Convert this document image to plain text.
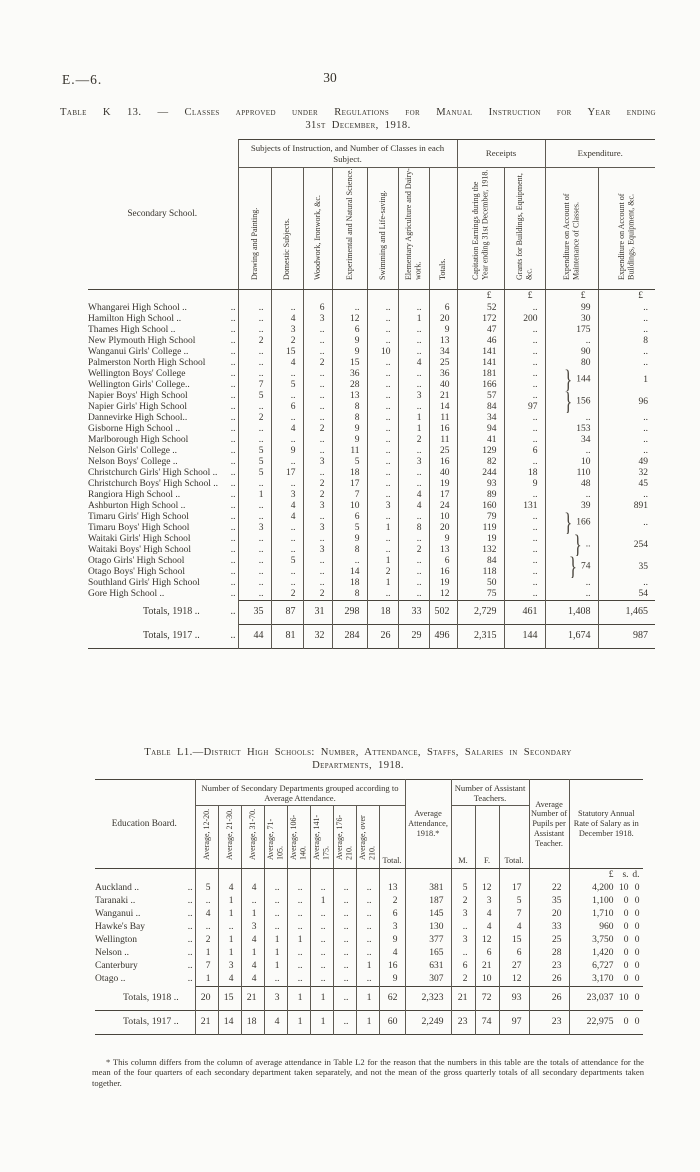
E.—6.	30
Table K 13. — Classes approved under Regulations for Manual Instruction for Year ending
31st December, 1918.
Secondary School.	Subjects of Instruction, and Number of Classes in each Subject.							Receipts		Expenditure.	
	Drawing and Painting.	Domestic Subjects.	Woodwork, Ironwork, &c.	Experimental and Natural Science.	Swimming and Life-saving.	Elementary Agriculture and Dairy-work.	Totals.	Capitation Earnings during the Year ending 31st December, 1918.	Grants for Buildings, Equipment, &c.	Expenditure on Account of Maintenance of Classes.	Expenditure on Account of Buildings, Equipment, &c.

								£	£	£	£

Whangarei High School .. ..	..	..	6	..	..	..	6	52	..	99	..

Hamilton High School .. ..	..	4	3	12	..	1	20	172	200	30	..

Thames High School .. ..	..	3	..	6	..	..	9	47	..	175	..

New Plymouth High School ..	2	2	..	9	..	..	13	46	..	..	8

Wanganui Girls' College .. ..	..	15	..	9	10	..	34	141	..	90	..

Palmerston North High School ..	..	4	2	15	..	4	25	141	..	80	..

Wellington Boys' College ..	..	..	..	36	..	..	36	181	..	} 144	1

Wellington Girls' College.. ..	7	5	..	28	..	..	40	166	..		

Napier Boys' High School ..	5	..	..	13	..	3	21	57	..	} 156	96

Napier Girls' High School ..	..	6	..	8	..	..	14	84	97		

Dannevirke High School.. ..	2	..	..	8	..	1	11	34	..	..	..

Gisborne High School .. ..	..	4	2	9	..	1	16	94	..	153	..

Marlborough High School ..	..	..	..	9	..	2	11	41	..	34	..

Nelson Girls' College .. ..	5	9	..	11	..	..	25	129	6	..	..

Nelson Boys' College .. ..	5	..	3	5	..	3	16	82	..	10	49

Christchurch Girls' High School .. ..	5	17	..	18	..	..	40	244	18	110	32

Christchurch Boys' High School .. ..	..	..	2	17	..	..	19	93	9	48	45

Rangiora High School .. ..	1	3	2	7	..	4	17	89	..	..	..

Ashburton High School .. ..	..	4	3	10	3	4	24	160	131	39	891

Timaru Girls' High School ..	..	4	..	6	..	..	10	79	..	} 166	..

Timaru Boys' High School ..	3	..	3	5	1	8	20	119	..		

Waitaki Girls' High School ..	..	..	..	9	..	..	9	19	..	} ..	254

Waitaki Boys' High School ..	..	..	3	8	..	2	13	132	..		

Otago Girls' High School ..	..	5	..	..	1	..	6	84	..	} 74	35

Otago Boys' High School ..	..	..	..	14	2	..	16	118	..		

Southland Girls' High School ..	..	..	..	18	1	..	19	50	..	..	..

Gore High School .. ..	..	2	2	8	..	..	12	75	..	..	54

Totals, 1918 .. ..	35	87	31	298	18	33	502	2,729	461	1,408	1,465

Totals, 1917 .. ..	44	81	32	284	26	29	496	2,315	144	1,674	987
Table L1.—District High Schools: Number, Attendance, Staffs, Salaries in Secondary
Departments, 1918.
Education Board.	Number of Secondary Departments grouped according to Average Attendance.									Average Attendance, 1918.*	Number of Assistant Teachers.			Average Number of Pupils per Assistant Teacher.	Statutory Annual Rate of Salary as in December 1918.
	Average, 12-20.	Average, 21-30.	Average, 31-70.	Average, 71-105.	Average, 106-140.	Average, 141-175.	Average, 176-210.	Average, over 210.	Total.		M.	F.	Total.		

															£ s. d.

Auckland .. ..	5	4	4	..	..	..	..	..	13	381	5	12	17	22	4,200 10 0

Taranaki .. ..	..	1	..	..	..	1	..	..	2	187	2	3	5	35	1,100 0 0

Wanganui .. ..	4	1	1	..	..	..	..	..	6	145	3	4	7	20	1,710 0 0

Hawke's Bay ..	..	..	3	..	..	..	..	..	3	130	..	4	4	33	960 0 0

Wellington ..	2	1	4	1	1	..	..	..	9	377	3	12	15	25	3,750 0 0

Nelson .. ..	1	1	1	1	..	..	..	..	4	165	..	6	6	28	1,420 0 0

Canterbury ..	7	3	4	1	..	..	..	1	16	631	6	21	27	23	6,727 0 0

Otago .. ..	1	4	4	..	..	..	..	..	9	307	2	10	12	26	3,170 0 0

Totals, 1918 ..	20	15	21	3	1	1	..	1	62	2,323	21	72	93	26	23,037 10 0

Totals, 1917 ..	21	14	18	4	1	1	..	1	60	2,249	23	74	97	23	22,975 0 0

* This column differs from the column of average attendance in Table L2 for the reason that the numbers in this table are the totals of attendance for the mean of the four quarters of each secondary department taken separately, and not the mean of the gross quarterly totals of all secondary departments taken together.
